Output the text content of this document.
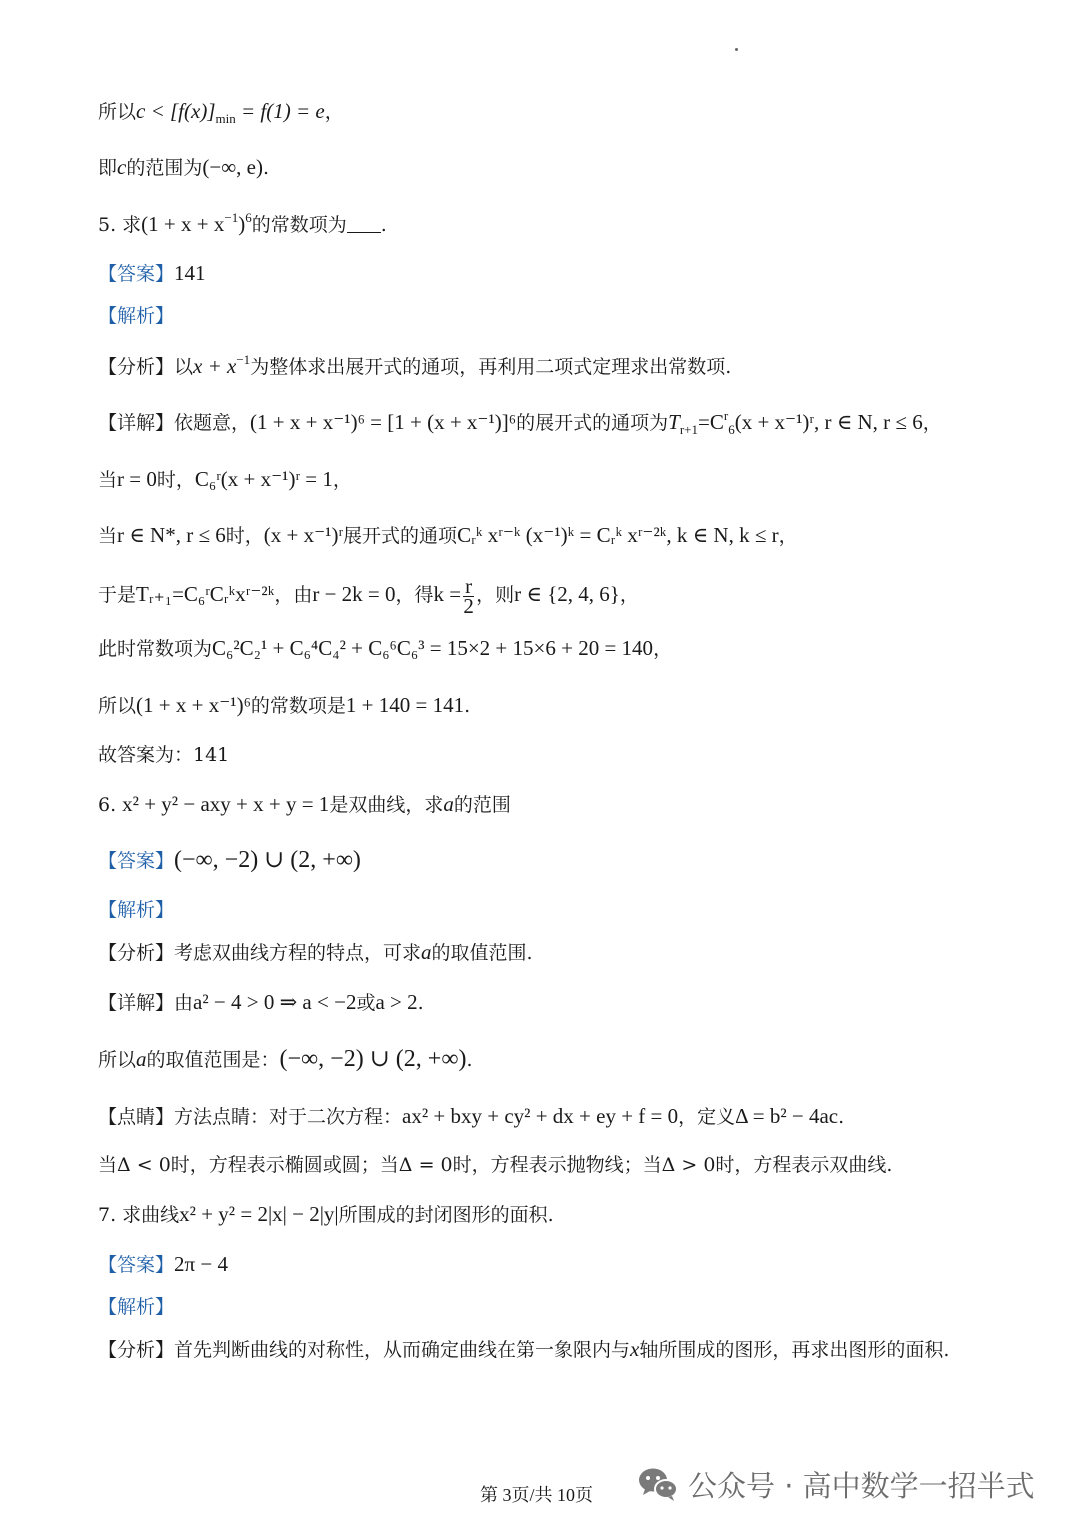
所以$c < [f(x)]_{min} = f(1) = e$，
即c的范围为(−∞, e).
5. 求$(1 + x + x^{-1})^6$的常数项为 .
【答案】141
【解析】
【分析】以$x + x^{-1}$为整体求出展开式的通项，再利用二项式定理求出常数项.
【详解】依题意，(1 + x + x⁻¹)⁶ = [1 + (x + x⁻¹)]⁶的展开式的通项为$T_{r+1}=C^r_6(x$ + x⁻¹)ʳ, r ∈ N, r ≤ 6，
当r = 0时，C₆ʳ(x + x⁻¹)ʳ = 1，
当r ∈ N*, r ≤ 6时，(x + x⁻¹)ʳ展开式的通项Cᵣᵏ xʳ⁻ᵏ (x⁻¹)ᵏ = Cᵣᵏ xʳ⁻²ᵏ, k ∈ N, k ≤ r，
于是Tᵣ₊₁=C₆ʳCᵣᵏxʳ⁻²ᵏ，由r − 2k = 0，得$k = \frac{r}{2}$ ，则r ∈ {2, 4, 6}，
此时常数项为C₆²C₂¹ + C₆⁴C₄² + C₆⁶C₆³ = 15×2 + 15×6 + 20 = 140，
所以(1 + x + x⁻¹)⁶的常数项是1 + 140 = 141.
故答案为：141
6. x² + y² − axy + x + y = 1是双曲线，求a的范围
【答案】(−∞, −2) ∪ (2, +∞)
【解析】
【分析】考虑双曲线方程的特点，可求a的取值范围.
【详解】由a² − 4 > 0 ⇒ a < −2或a > 2.
所以a的取值范围是：(−∞, −2) ∪ (2, +∞).
【点睛】方法点睛：对于二次方程：ax² + bxy + cy² + dx + ey + f = 0，定义Δ = b² − 4ac.
当Δ < 0时，方程表示椭圆或圆；当Δ = 0时，方程表示抛物线；当Δ > 0时，方程表示双曲线.
7. 求曲线x² + y² = 2|x| − 2|y|所围成的封闭图形的面积.
【答案】2π − 4
【解析】
【分析】首先判断曲线的对称性，从而确定曲线在第一象限内与x轴所围成的图形，再求出图形的面积.
第 3页/共 10页	公众号 · 高中数学一招半式
